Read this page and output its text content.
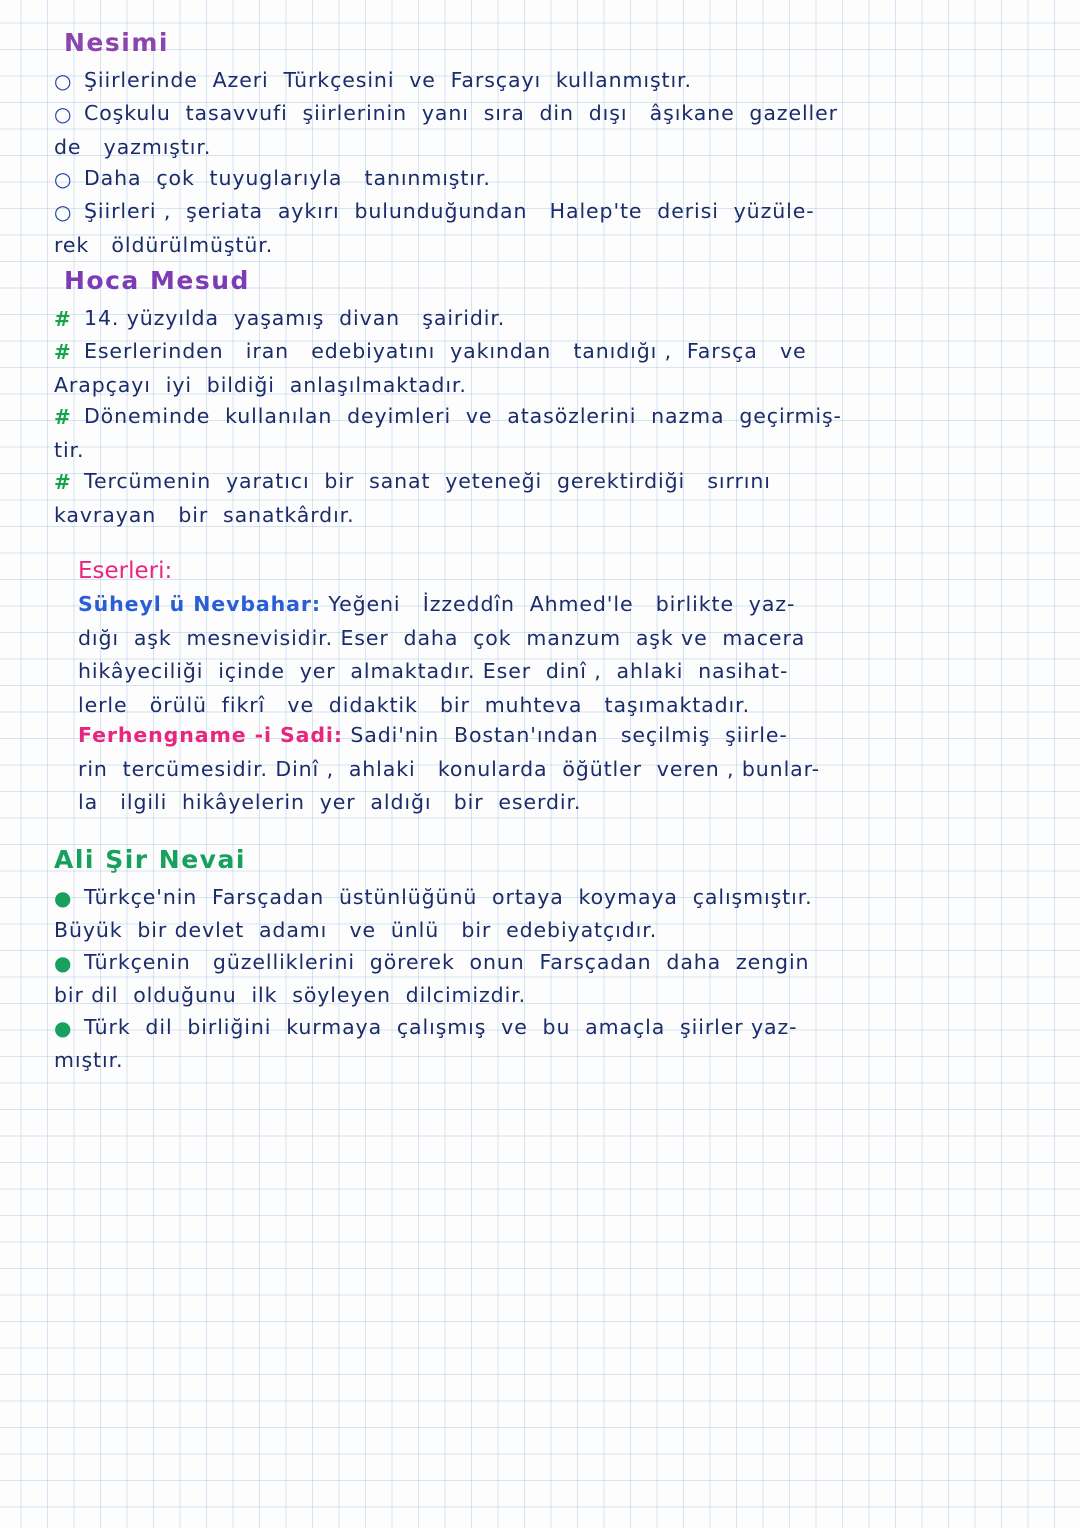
Nesimi
○ Şiirlerinde  Azeri  Türkçesini  ve  Farsçayı  kullanmıştır.
○ Coşkulu  tasavvufi  şiirlerinin  yanı  sıra  din  dışı   âşıkane  gazeller
de   yazmıştır.
○ Daha  çok  tuyuglarıyla   tanınmıştır.
○ Şiirleri ,  şeriata  aykırı  bulunduğundan   Halep'te  derisi  yüzüle-
rek   öldürülmüştür.
Hoca Mesud
# 14. yüzyılda  yaşamış  divan   şairidir.
# Eserlerinden   iran   edebiyatını  yakından   tanıdığı ,  Farsça   ve
Arapçayı  iyi  bildiği  anlaşılmaktadır.
# Döneminde  kullanılan  deyimleri  ve  atasözlerini  nazma  geçirmiş-
tir.
# Tercümenin  yaratıcı  bir  sanat  yeteneği  gerektirdiği   sırrını
kavrayan   bir  sanatkârdır.
Eserleri:
Süheyl ü Nevbahar: Yeğeni   İzzeddîn  Ahmed'le   birlikte  yaz-
dığı  aşk  mesnevisidir. Eser  daha  çok  manzum  aşk ve  macera
hikâyeciliği  içinde  yer  almaktadır. Eser  dinî ,  ahlaki  nasihat-
lerle   örülü  fikrî   ve  didaktik   bir  muhteva   taşımaktadır.
Ferhengname -i Sadi: Sadi'nin  Bostan'ından   seçilmiş  şiirle-
rin  tercümesidir. Dinî ,  ahlaki   konularda  öğütler  veren , bunlar-
la   ilgili  hikâyelerin  yer  aldığı   bir  eserdir.
Ali Şir Nevai
● Türkçe'nin  Farsçadan  üstünlüğünü  ortaya  koymaya  çalışmıştır.
Büyük  bir devlet  adamı   ve  ünlü   bir  edebiyatçıdır.
● Türkçenin   güzelliklerini  görerek  onun  Farsçadan  daha  zengin
bir dil  olduğunu  ilk  söyleyen  dilcimizdir.
● Türk  dil  birliğini  kurmaya  çalışmış  ve  bu  amaçla  şiirler yaz-
mıştır.
